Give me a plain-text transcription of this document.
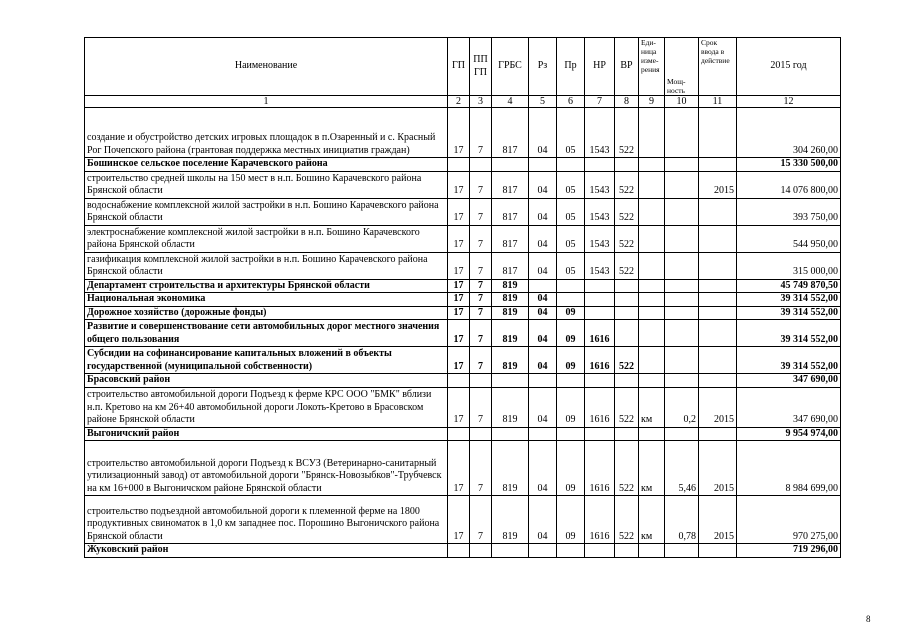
Наименование	ГП	ПП ГП	ГРБС	Рз	Пр	НР	ВР	Еди-ница изме-рения	Мощ-ность	Срок ввода в действие	2015 год
1	2	3	4	5	6	7	8	9	10	11	12
создание и обустройство детских игровых площадок в п.Озаренный и с. Красный Рог Почепского района (грантовая поддержка местных инициатив граждан)	17	7	817	04	05	1543	522				304 260,00
Бошинское сельское поселение Карачевского района											15 330 500,00
строительство средней школы на 150 мест в н.п. Бошино Карачевского района Брянской области	17	7	817	04	05	1543	522			2015	14 076 800,00
водоснабжение комплексной жилой застройки в н.п. Бошино Карачевского района Брянской области	17	7	817	04	05	1543	522				393 750,00
электроснабжение комплексной жилой застройки в н.п. Бошино Карачевского района Брянской области	17	7	817	04	05	1543	522				544 950,00
газификация комплексной жилой застройки в н.п. Бошино Карачевского района Брянской области	17	7	817	04	05	1543	522				315 000,00
Департамент строительства и архитектуры Брянской области	17	7	819								45 749 870,50
Национальная экономика	17	7	819	04							39 314 552,00
Дорожное хозяйство (дорожные фонды)	17	7	819	04	09						39 314 552,00
Развитие и совершенствование сети автомобильных дорог местного значения общего пользования	17	7	819	04	09	1616					39 314 552,00
Субсидии на софинансирование капитальных вложений в объекты государственной (муниципальной собственности)	17	7	819	04	09	1616	522				39 314 552,00
Брасовский район											347 690,00
строительство автомобильной дороги Подъезд к ферме КРС ООО "БМК" вблизи н.п. Кретово на км 26+40 автомобильной дороги Локоть-Кретово в Брасовском районе Брянской области	17	7	819	04	09	1616	522	км	0,2	2015	347 690,00
Выгоничский район											9 954 974,00
строительство автомобильной дороги Подъезд к ВСУЗ (Ветеринарно-санитарный утилизационный завод) от автомобильной дороги "Брянск-Новозыбков"-Трубчевск на км 16+000 в Выгоничском районе Брянской области	17	7	819	04	09	1616	522	км	5,46	2015	8 984 699,00
строительство подъездной автомобильной дороги к племенной ферме на 1800 продуктивных свиноматок в 1,0 км западнее пос. Порошино Выгоничского района Брянской области	17	7	819	04	09	1616	522	км	0,78	2015	970 275,00
Жуковский район											719 296,00
8
